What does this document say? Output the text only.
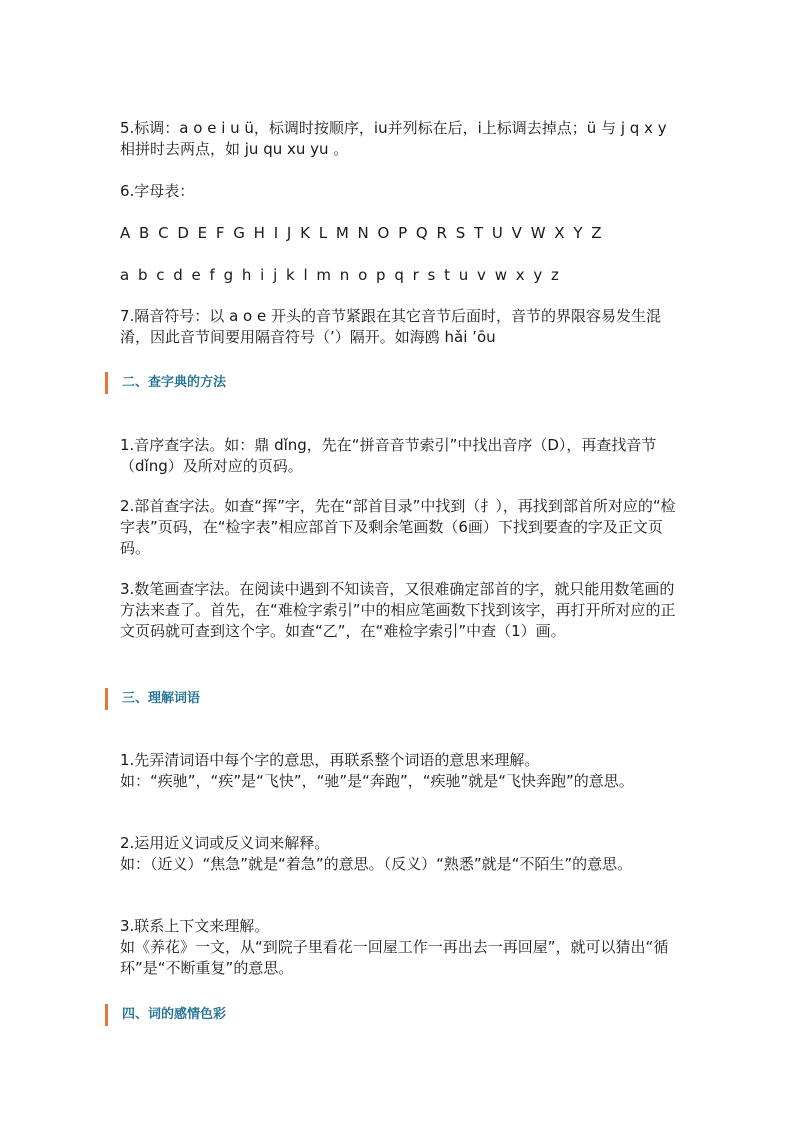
5.标调：a o e i u ü，标调时按顺序，iu并列标在后，i上标调去掉点；ü 与 j q x y 相拼时去两点，如 ju qu xu yu 。

6.字母表：

A B C D E F G H I J K L M N O P Q R S T U V W X Y Z

a b c d e f g h i j k l m n o p q r s t u v w x y z

7.隔音符号：以 a o e 开头的音节紧跟在其它音节后面时，音节的界限容易发生混淆，因此音节间要用隔音符号（’）隔开。如海鸥 hǎi ’ōu

二、查字典的方法

1.音序查字法。如：鼎 dǐng，先在“拼音音节索引”中找出音序（D），再查找音节（dǐng）及所对应的页码。

2.部首查字法。如查“挥”字，先在“部首目录”中找到（扌），再找到部首所对应的“检字表”页码，在“检字表”相应部首下及剩余笔画数（6画）下找到要查的字及正文页码。

3.数笔画查字法。在阅读中遇到不知读音，又很难确定部首的字，就只能用数笔画的方法来查了。首先，在“难检字索引”中的相应笔画数下找到该字，再打开所对应的正文页码就可查到这个字。如查“乙”，在“难检字索引”中查（1）画。

三、理解词语

1.先弄清词语中每个字的意思，再联系整个词语的意思来理解。

如：“疾驰”，“疾”是“飞快”，“驰”是“奔跑”，“疾驰”就是“飞快奔跑”的意思。

2.运用近义词或反义词来解释。

如：（近义）“焦急”就是“着急”的意思。（反义）“熟悉”就是“不陌生”的意思。

3.联系上下文来理解。

如《养花》一文，从“到院子里看花一回屋工作一再出去一再回屋”，就可以猜出“循环”是“不断重复”的意思。

四、词的感情色彩
